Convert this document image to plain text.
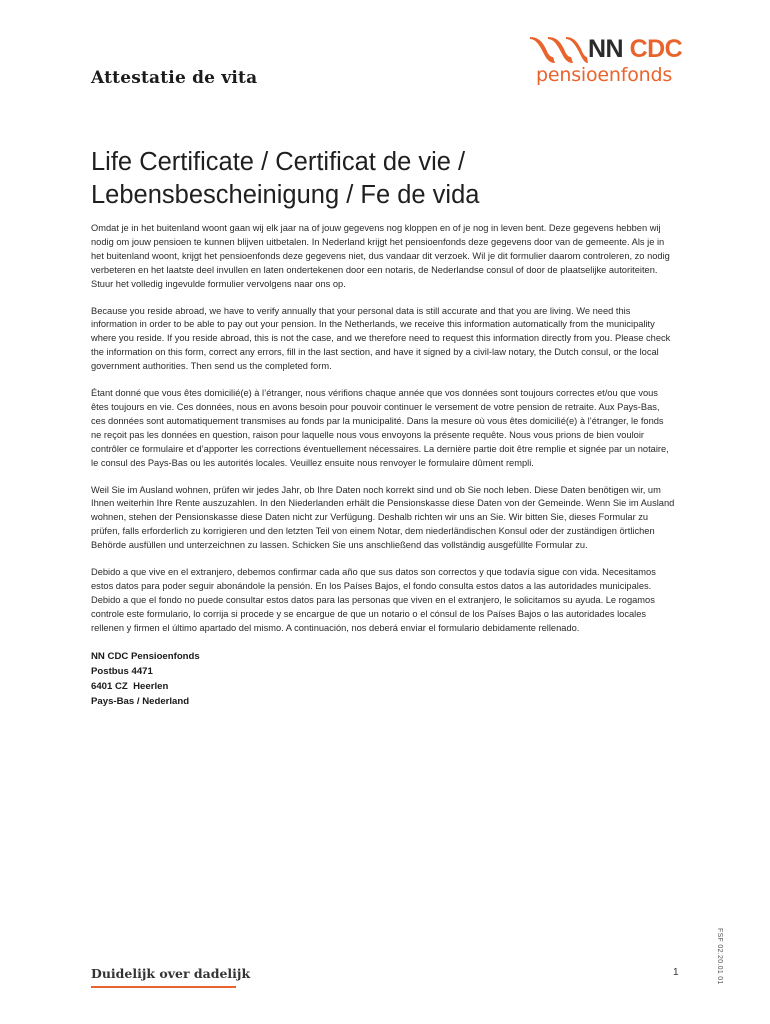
Attestatie de vita
NN CDC
pensioenfonds
Life Certificate / Certificat de vie /
Lebensbescheinigung / Fe de vida

Omdat je in het buitenland woont gaan wij elk jaar na of jouw gegevens nog kloppen en of je nog in leven bent. Deze gegevens hebben wij nodig om jouw pensioen te kunnen blijven uitbetalen. In Nederland krijgt het pensioenfonds deze gegevens door van de gemeente. Als je in het buitenland woont, krijgt het pensioenfonds deze gegevens niet, dus vandaar dit verzoek. Wil je dit formulier daarom controleren, zo nodig verbeteren en het laatste deel invullen en laten ondertekenen door een notaris, de Nederlandse consul of door de plaatselijke autoriteiten. Stuur het volledig ingevulde formulier vervolgens naar ons op.

Because you reside abroad, we have to verify annually that your personal data is still accurate and that you are living. We need this information in order to be able to pay out your pension. In the Netherlands, we receive this information automatically from the municipality where you reside. If you reside abroad, this is not the case, and we therefore need to request this information directly from you. Please check the information on this form, correct any errors, fill in the last section, and have it signed by a civil-law notary, the Dutch consul, or the local government authorities. Then send us the completed form.

Étant donné que vous êtes domicilié(e) à l’étranger, nous vérifions chaque année que vos données sont toujours correctes et/ou que vous êtes toujours en vie. Ces données, nous en avons besoin pour pouvoir continuer le versement de votre pension de retraite. Aux Pays-Bas, ces données sont automatiquement transmises au fonds par la municipalité. Dans la mesure où vous êtes domicilié(e) à l’étranger, le fonds ne reçoit pas les données en question, raison pour laquelle nous vous envoyons la présente requête. Nous vous prions de bien vouloir contrôler ce formulaire et d’apporter les corrections éventuellement nécessaires. La dernière partie doit être remplie et signée par un notaire, le consul des Pays-Bas ou les autorités locales. Veuillez ensuite nous renvoyer le formulaire dûment rempli.

Weil Sie im Ausland wohnen, prüfen wir jedes Jahr, ob Ihre Daten noch korrekt sind und ob Sie noch leben. Diese Daten benötigen wir, um Ihnen weiterhin Ihre Rente auszuzahlen. In den Niederlanden erhält die Pensionskasse diese Daten von der Gemeinde. Wenn Sie im Ausland wohnen, stehen der Pensionskasse diese Daten nicht zur Verfügung. Deshalb richten wir uns an Sie. Wir bitten Sie, dieses Formular zu prüfen, falls erforderlich zu korrigieren und den letzten Teil von einem Notar, dem niederländischen Konsul oder der zuständigen örtlichen Behörde ausfüllen und unterzeichnen zu lassen. Schicken Sie uns anschließend das vollständig ausgefüllte Formular zu.

Debido a que vive en el extranjero, debemos confirmar cada año que sus datos son correctos y que todavía sigue con vida. Necesitamos estos datos para poder seguir abonándole la pensión. En los Países Bajos, el fondo consulta estos datos a las autoridades municipales. Debido a que el fondo no puede consultar estos datos para las personas que viven en el extranjero, le solicitamos su ayuda. Le rogamos controle este formulario, lo corrija si procede y se encargue de que un notario o el cónsul de los Países Bajos o las autoridades locales rellenen y firmen el último apartado del mismo. A continuación, nos deberá enviar el formulario debidamente rellenado.

NN CDC Pensioenfonds
Postbus 4471
6401 CZ  Heerlen
Pays-Bas / Nederland
FSF 02.20.01 01
Duidelijk over dadelijk	1
